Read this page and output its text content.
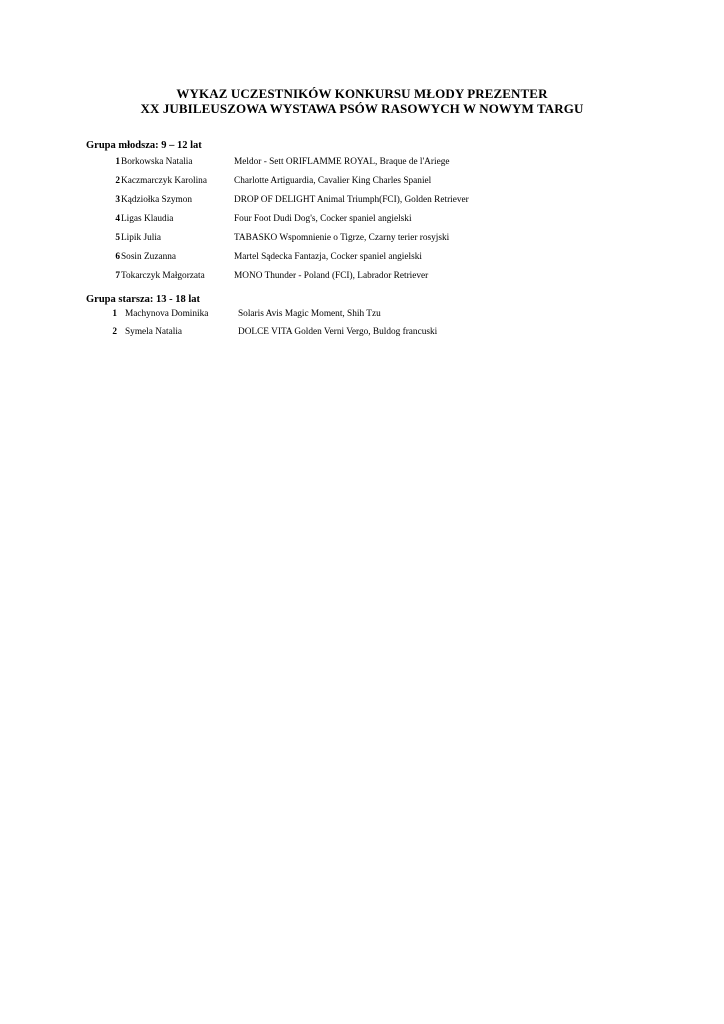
WYKAZ UCZESTNIKÓW KONKURSU MŁODY PREZENTER
XX JUBILEUSZOWA WYSTAWA PSÓW RASOWYCH W NOWYM TARGU
Grupa młodsza: 9 – 12 lat
1 Borkowska Natalia	Meldor - Sett ORIFLAMME ROYAL, Braque de l'Ariege
2 Kaczmarczyk Karolina	Charlotte Artiguardia, Cavalier King Charles Spaniel
3 Kądziołka Szymon	DROP OF DELIGHT Animal Triumph(FCI), Golden Retriever
4 Ligas Klaudia	Four Foot Dudi Dog's, Cocker spaniel angielski
5 Lipik Julia	TABASKO Wspomnienie o Tigrze, Czarny terier rosyjski
6 Sosin Zuzanna	Martel Sądecka Fantazja, Cocker spaniel angielski
7 Tokarczyk Małgorzata	MONO Thunder - Poland (FCI), Labrador Retriever
Grupa starsza: 13 - 18 lat
1 Machynova Dominika	Solaris Avis Magic Moment, Shih Tzu
2 Symela Natalia	DOLCE VITA Golden Verni Vergo, Buldog francuski
